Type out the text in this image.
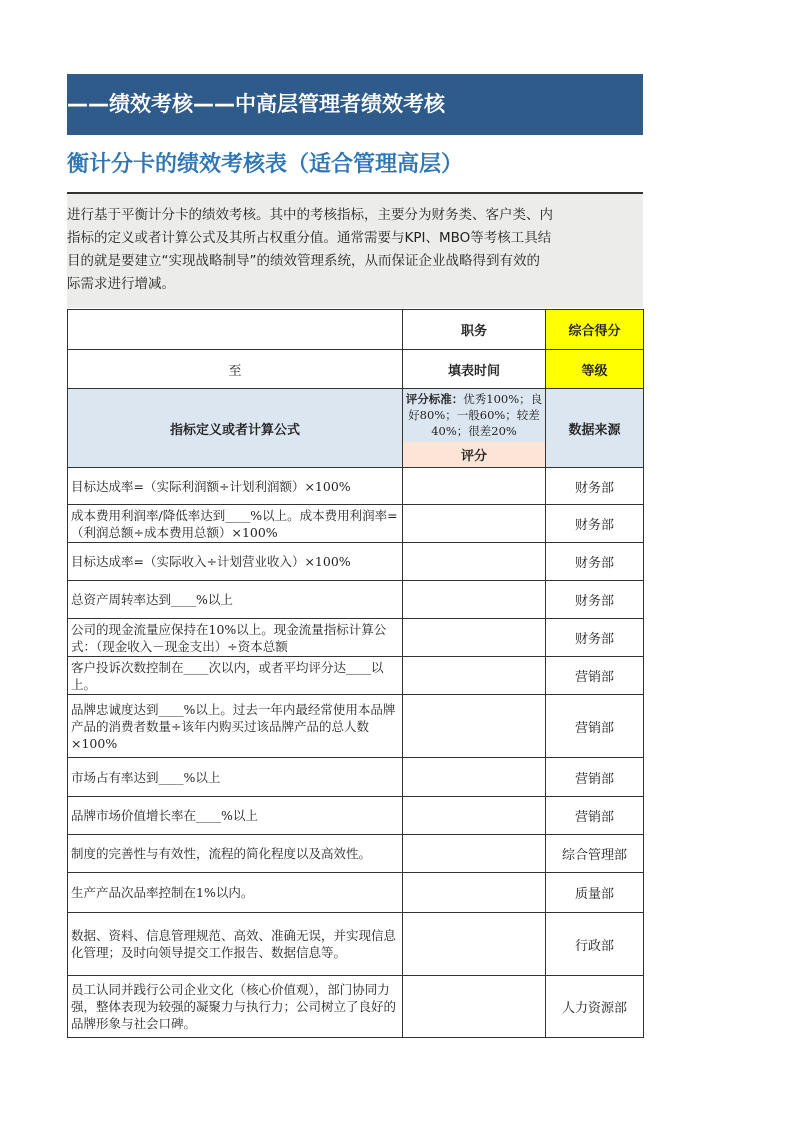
——绩效考核——中高层管理者绩效考核
衡计分卡的绩效考核表（适合管理高层）
进行基于平衡计分卡的绩效考核。其中的考核指标，主要分为财务类、客户类、内
指标的定义或者计算公式及其所占权重分值。通常需要与KPI、MBO等考核工具结
目的就是要建立“实现战略制导”的绩效管理系统，从而保证企业战略得到有效的
际需求进行增减。
	职务	综合得分
至	填表时间	等级
指标定义或者计算公式	评分标准：优秀100%；良好80%；一般60%；较差40%；很差20%	数据来源
	评分	
目标达成率=（实际利润额÷计划利润额）×100%		财务部
成本费用利润率/降低率达到____%以上。成本费用利润率=（利润总额÷成本费用总额）×100%		财务部
目标达成率=（实际收入÷计划营业收入）×100%		财务部
总资产周转率达到____%以上		财务部
公司的现金流量应保持在10%以上。现金流量指标计算公式：（现金收入－现金支出）÷资本总额		财务部
客户投诉次数控制在____次以内，或者平均评分达____以上。		营销部
品牌忠诚度达到____%以上。过去一年内最经常使用本品牌产品的消费者数量÷该年内购买过该品牌产品的总人数×100%		营销部
市场占有率达到____%以上		营销部
品牌市场价值增长率在____%以上		营销部
制度的完善性与有效性，流程的简化程度以及高效性。		综合管理部
生产产品次品率控制在1%以内。		质量部
数据、资料、信息管理规范、高效、准确无误，并实现信息化管理；及时向领导提交工作报告、数据信息等。		行政部
员工认同并践行公司企业文化（核心价值观），部门协同力强，整体表现为较强的凝聚力与执行力；公司树立了良好的品牌形象与社会口碑。		人力资源部
